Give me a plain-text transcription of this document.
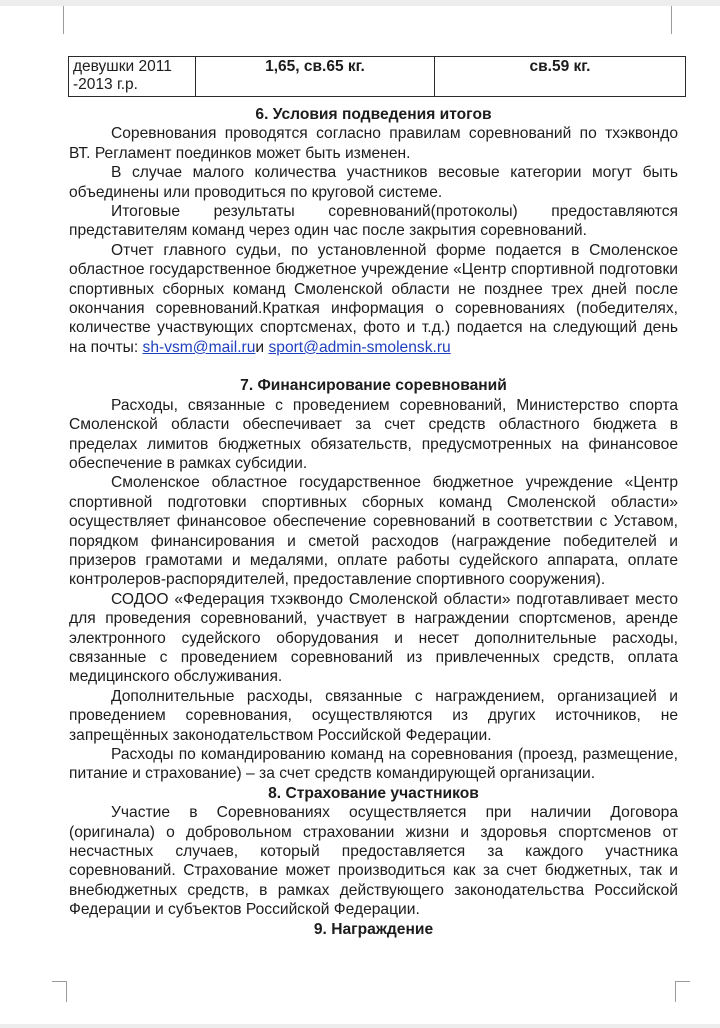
девушки 2011 -2013 г.р.	1,65, св.65 кг.	св.59 кг.

6. Условия подведения итогов

Соревнования проводятся согласно правилам соревнований по тхэквондо ВТ. Регламент поединков может быть изменен.

В случае малого количества участников весовые категории могут быть объединены или проводиться по круговой системе.

Итоговые результаты соревнований(протоколы) предоставляются представителям команд через один час после закрытия соревнований.

Отчет главного судьи, по установленной форме подается в Смоленское областное государственное бюджетное учреждение «Центр спортивной подготовки спортивных сборных команд Смоленской области не позднее трех дней после окончания соревнований.Краткая информация о соревнованиях (победителях, количестве участвующих спортсменах, фото и т.д.) подается на следующий день на почты: sh-vsm@mail.ruи sport@admin-smolensk.ru

7. Финансирование соревнований

Расходы, связанные с проведением соревнований, Министерство спорта Смоленской области обеспечивает за счет средств областного бюджета в пределах лимитов бюджетных обязательств, предусмотренных на финансовое обеспечение в рамках субсидии.

Смоленское областное государственное бюджетное учреждение «Центр спортивной подготовки спортивных сборных команд Смоленской области» осуществляет финансовое обеспечение соревнований в соответствии с Уставом, порядком финансирования и сметой расходов (награждение победителей и призеров грамотами и медалями, оплате работы судейского аппарата, оплате контролеров-распорядителей, предоставление спортивного сооружения).

СОДОО «Федерация тхэквондо Смоленской области» подготавливает место для проведения соревнований, участвует в награждении спортсменов, аренде электронного судейского оборудования и несет дополнительные расходы, связанные с проведением соревнований из привлеченных средств, оплата медицинского обслуживания.

Дополнительные расходы, связанные с награждением, организацией и проведением соревнования, осуществляются из других источников, не запрещённых законодательством Российской Федерации.

Расходы по командированию команд на соревнования (проезд, размещение, питание и страхование) – за счет средств командирующей организации.

8. Страхование участников

Участие в Соревнованиях осуществляется при наличии Договора (оригинала) о добровольном страховании жизни и здоровья спортсменов от несчастных случаев, который предоставляется за каждого участника соревнований. Страхование может производиться как за счет бюджетных, так и внебюджетных средств, в рамках действующего законодательства Российской Федерации и субъектов Российской Федерации.

9. Награждение
